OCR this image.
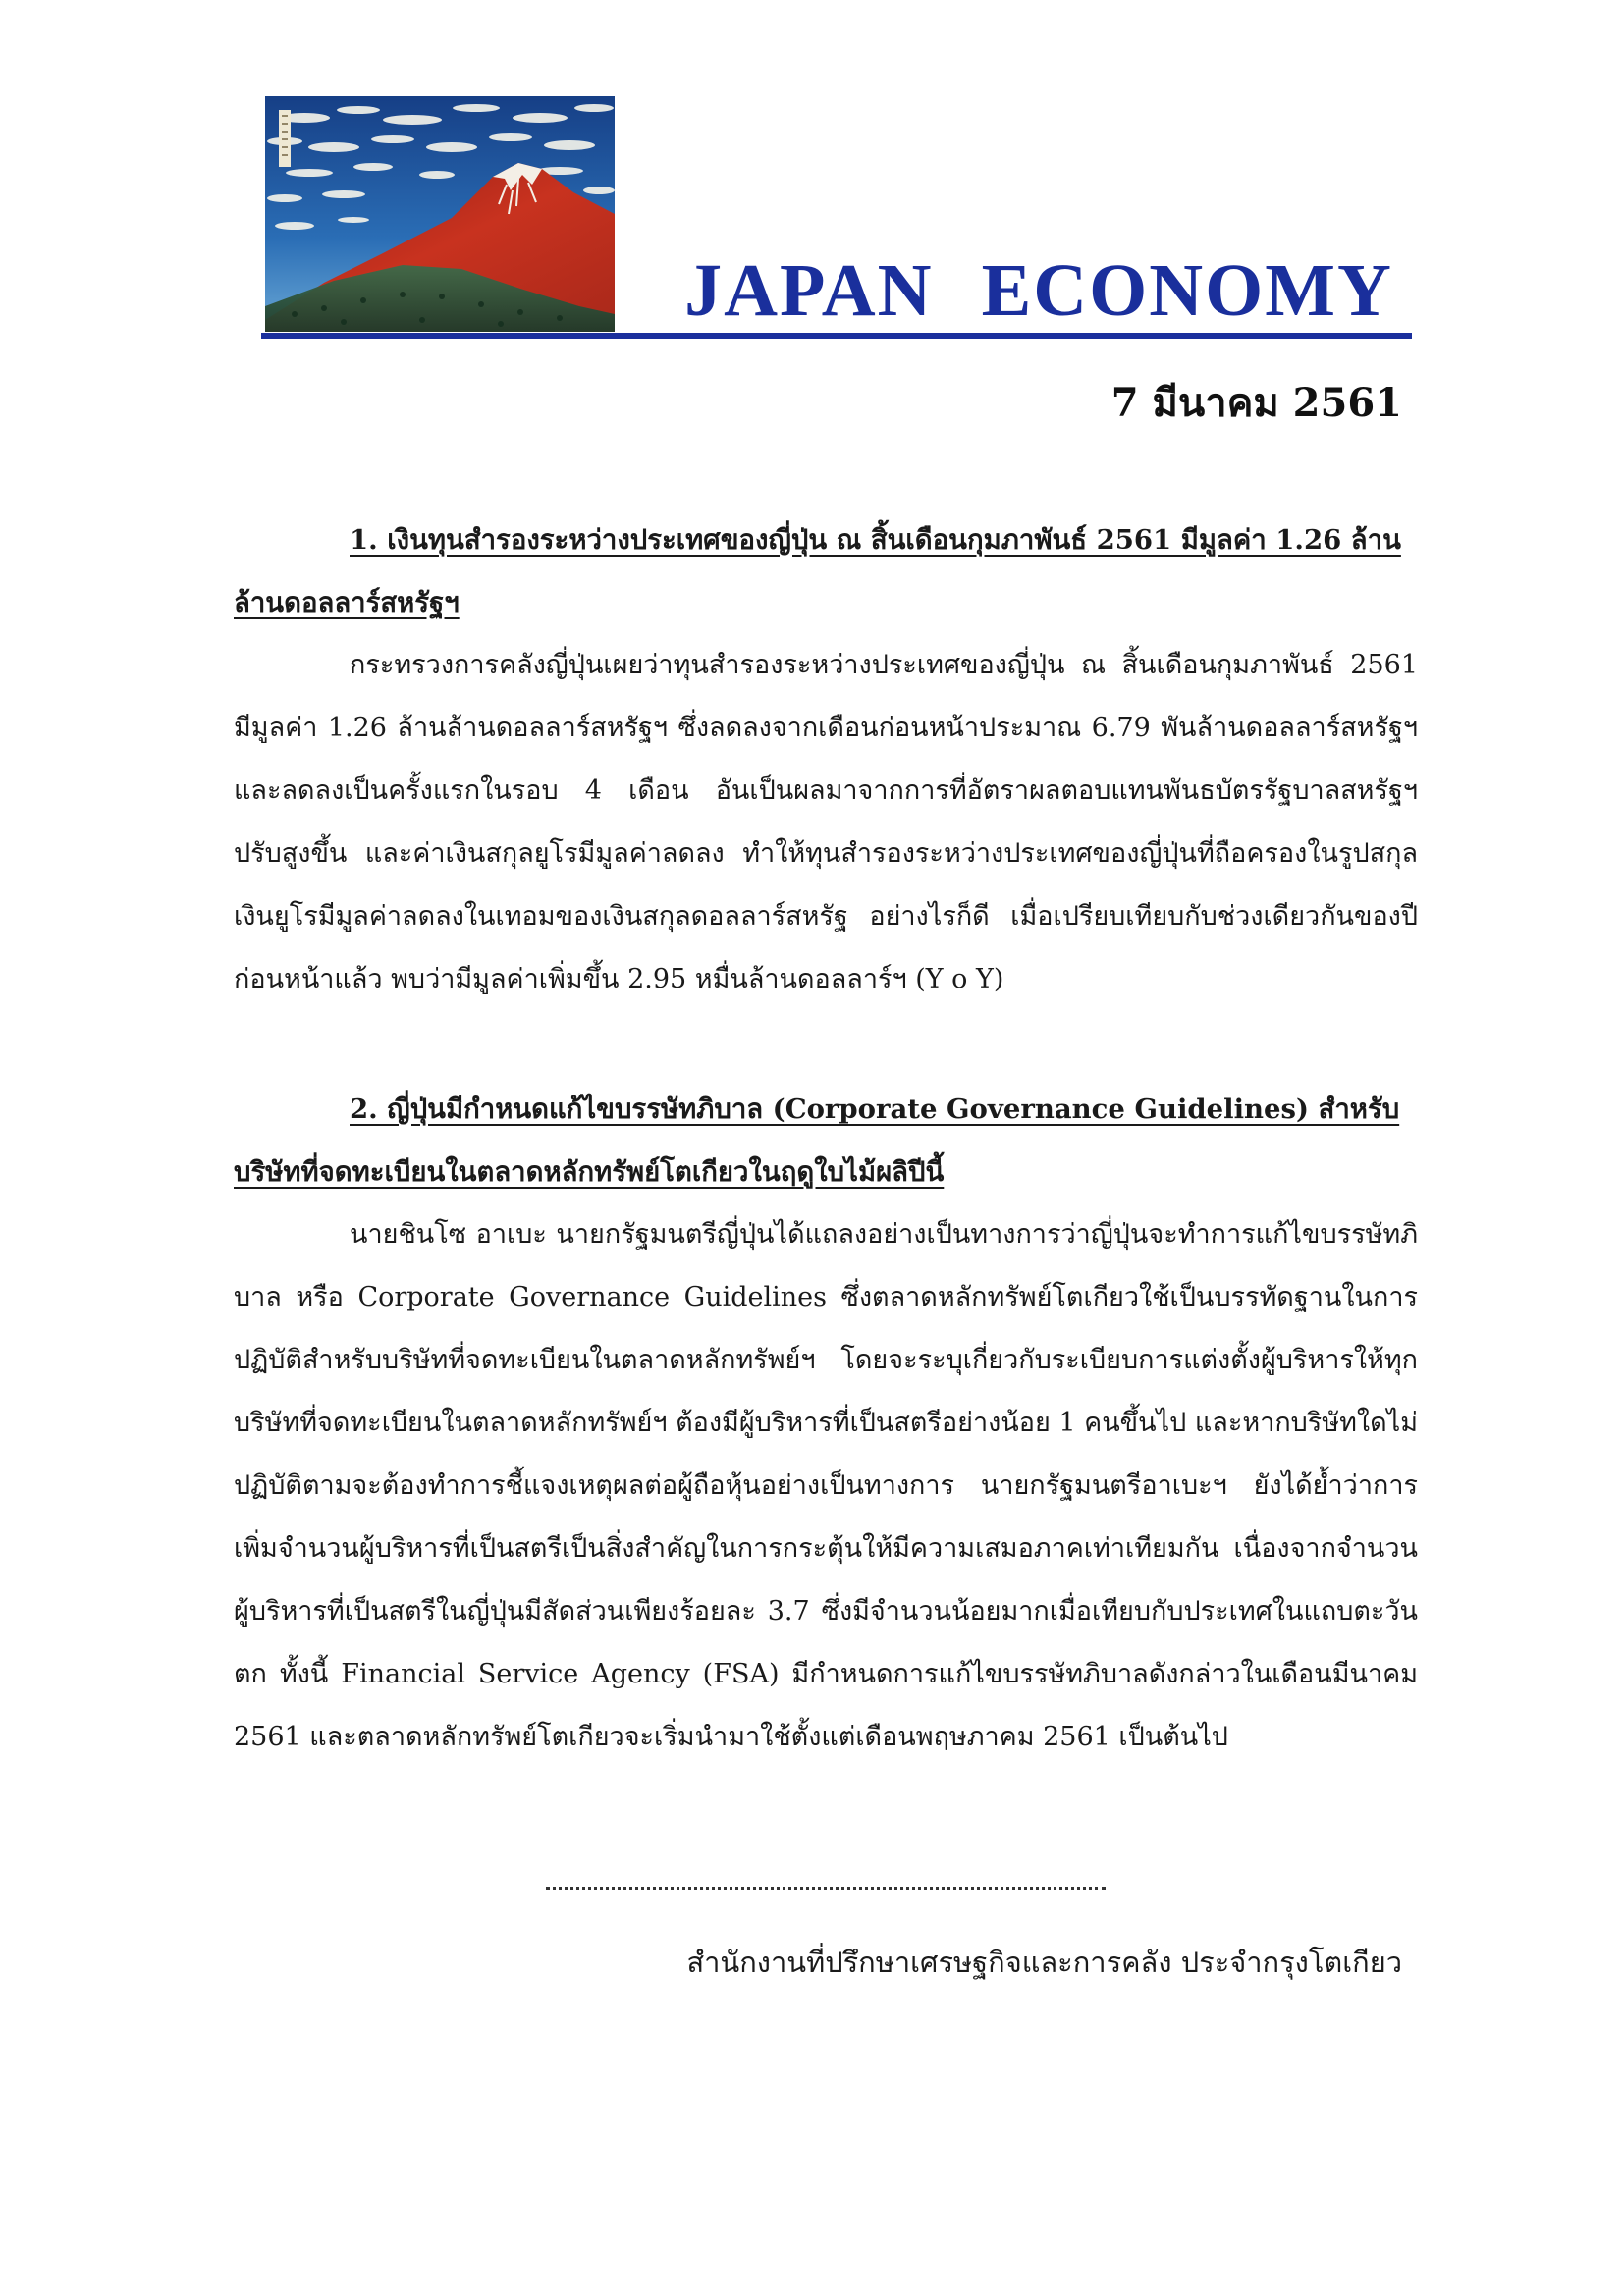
JAPAN ECONOMY
7 มีนาคม 2561

1. เงินทุนสำรองระหว่างประเทศของญี่ปุ่น ณ สิ้นเดือนกุมภาพันธ์ 2561 มีมูลค่า 1.26 ล้านล้านดอลลาร์สหรัฐฯ

กระทรวงการคลังญี่ปุ่นเผยว่าทุนสำรองระหว่างประเทศของญี่ปุ่น ณ สิ้นเดือนกุมภาพันธ์ 2561 มีมูลค่า 1.26 ล้านล้านดอลลาร์สหรัฐฯ ซึ่งลดลงจากเดือนก่อนหน้าประมาณ 6.79 พันล้านดอลลาร์สหรัฐฯ และลดลงเป็นครั้งแรกในรอบ 4 เดือน อันเป็นผลมาจากการที่อัตราผลตอบแทนพันธบัตรรัฐบาลสหรัฐฯ ปรับสูงขึ้น และค่าเงินสกุลยูโรมีมูลค่าลดลง ทำให้ทุนสำรองระหว่างประเทศของญี่ปุ่นที่ถือครองในรูปสกุลเงินยูโรมีมูลค่าลดลงในเทอมของเงินสกุลดอลลาร์สหรัฐ อย่างไรก็ดี เมื่อเปรียบเทียบกับช่วงเดียวกันของปีก่อนหน้าแล้ว พบว่ามีมูลค่าเพิ่มขึ้น 2.95 หมื่นล้านดอลลาร์ฯ (Y o Y)

2. ญี่ปุ่นมีกำหนดแก้ไขบรรษัทภิบาล (Corporate Governance Guidelines) สำหรับบริษัทที่จดทะเบียนในตลาดหลักทรัพย์โตเกียวในฤดูใบไม้ผลิปีนี้

นายชินโซ อาเบะ นายกรัฐมนตรีญี่ปุ่นได้แถลงอย่างเป็นทางการว่าญี่ปุ่นจะทำการแก้ไขบรรษัทภิบาล หรือ Corporate Governance Guidelines ซึ่งตลาดหลักทรัพย์โตเกียวใช้เป็นบรรทัดฐานในการปฏิบัติสำหรับบริษัทที่จดทะเบียนในตลาดหลักทรัพย์ฯ โดยจะระบุเกี่ยวกับระเบียบการแต่งตั้งผู้บริหารให้ทุกบริษัทที่จดทะเบียนในตลาดหลักทรัพย์ฯ ต้องมีผู้บริหารที่เป็นสตรีอย่างน้อย 1 คนขึ้นไป และหากบริษัทใดไม่ปฏิบัติตามจะต้องทำการชี้แจงเหตุผลต่อผู้ถือหุ้นอย่างเป็นทางการ นายกรัฐมนตรีอาเบะฯ ยังได้ย้ำว่าการเพิ่มจำนวนผู้บริหารที่เป็นสตรีเป็นสิ่งสำคัญในการกระตุ้นให้มีความเสมอภาคเท่าเทียมกัน เนื่องจากจำนวนผู้บริหารที่เป็นสตรีในญี่ปุ่นมีสัดส่วนเพียงร้อยละ 3.7 ซึ่งมีจำนวนน้อยมากเมื่อเทียบกับประเทศในแถบตะวันตก ทั้งนี้ Financial Service Agency (FSA) มีกำหนดการแก้ไขบรรษัทภิบาลดังกล่าวในเดือนมีนาคม 2561 และตลาดหลักทรัพย์โตเกียวจะเริ่มนำมาใช้ตั้งแต่เดือนพฤษภาคม 2561 เป็นต้นไป

สำนักงานที่ปรึกษาเศรษฐกิจและการคลัง ประจำกรุงโตเกียว
